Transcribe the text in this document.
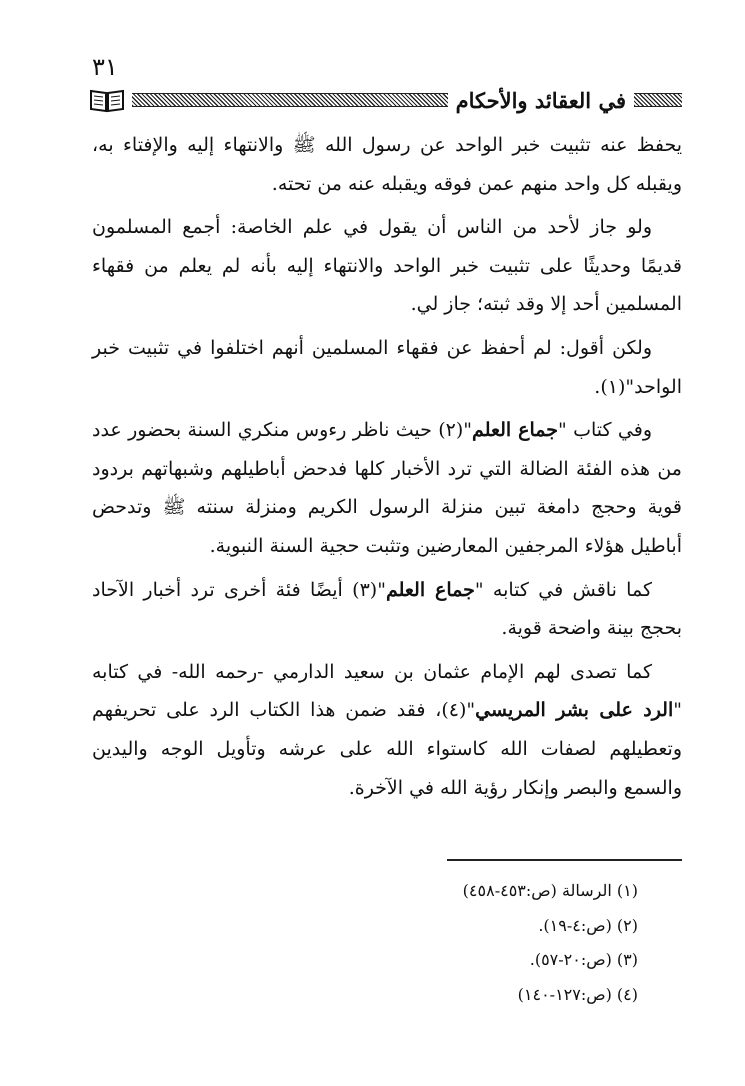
٣١
في العقائد والأحكام

يحفظ عنه تثبيت خبر الواحد عن رسول الله ﷺ والانتهاء إليه والإفتاء به، ويقبله كل واحد منهم عمن فوقه ويقبله عنه من تحته.

ولو جاز لأحد من الناس أن يقول في علم الخاصة: أجمع المسلمون قديمًا وحديثًا على تثبيت خبر الواحد والانتهاء إليه بأنه لم يعلم من فقهاء المسلمين أحد إلا وقد ثبته؛ جاز لي.

ولكن أقول: لم أحفظ عن فقهاء المسلمين أنهم اختلفوا في تثبيت خبر الواحد"(١).

وفي كتاب "جماع العلم"(٢) حيث ناظر رءوس منكري السنة بحضور عدد من هذه الفئة الضالة التي ترد الأخبار كلها فدحض أباطيلهم وشبهاتهم بردود قوية وحجج دامغة تبين منزلة الرسول الكريم ومنزلة سنته ﷺ وتدحض أباطيل هؤلاء المرجفين المعارضين وتثبت حجية السنة النبوية.

كما ناقش في كتابه "جماع العلم"(٣) أيضًا فئة أخرى ترد أخبار الآحاد بحجج بينة واضحة قوية.

كما تصدى لهم الإمام عثمان بن سعيد الدارمي -رحمه الله- في كتابه "الرد على بشر المريسي"(٤)، فقد ضمن هذا الكتاب الرد على تحريفهم وتعطيلهم لصفات الله كاستواء الله على عرشه وتأويل الوجه واليدين والسمع والبصر وإنكار رؤية الله في الآخرة.

(١) الرسالة (ص:٤٥٣-٤٥٨)
(٢) (ص:٤-١٩).
(٣) (ص:٢٠-٥٧).
(٤) (ص:١٢٧-١٤٠)
